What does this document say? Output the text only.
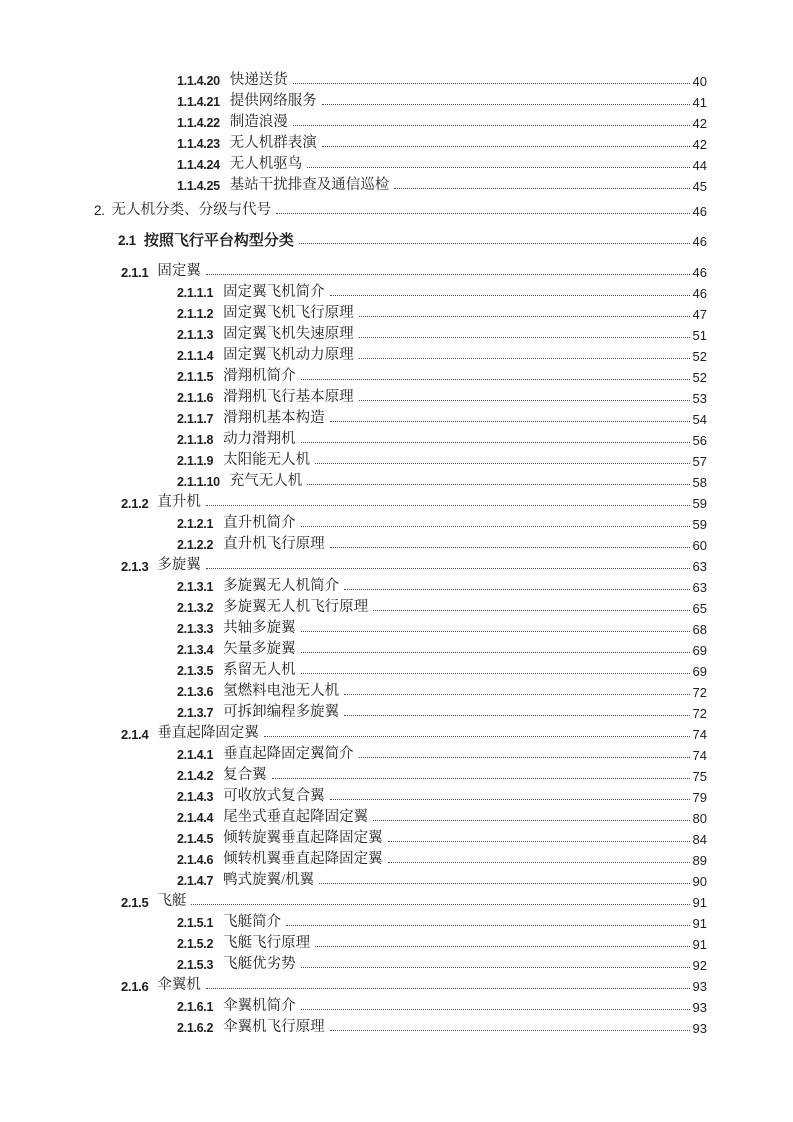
1.1.4.20 快递送货	40
1.1.4.21 提供网络服务	41
1.1.4.22 制造浪漫	42
1.1.4.23 无人机群表演	42
1.1.4.24 无人机驱鸟	44
1.1.4.25 基站干扰排查及通信巡检	45
2. 无人机分类、分级与代号	46
2.1 按照飞行平台构型分类	46
2.1.1 固定翼	46
2.1.1.1 固定翼飞机简介	46
2.1.1.2 固定翼飞机飞行原理	47
2.1.1.3 固定翼飞机失速原理	51
2.1.1.4 固定翼飞机动力原理	52
2.1.1.5 滑翔机简介	52
2.1.1.6 滑翔机飞行基本原理	53
2.1.1.7 滑翔机基本构造	54
2.1.1.8 动力滑翔机	56
2.1.1.9 太阳能无人机	57
2.1.1.10 充气无人机	58
2.1.2 直升机	59
2.1.2.1 直升机简介	59
2.1.2.2 直升机飞行原理	60
2.1.3 多旋翼	63
2.1.3.1 多旋翼无人机简介	63
2.1.3.2 多旋翼无人机飞行原理	65
2.1.3.3 共轴多旋翼	68
2.1.3.4 矢量多旋翼	69
2.1.3.5 系留无人机	69
2.1.3.6 氢燃料电池无人机	72
2.1.3.7 可拆卸编程多旋翼	72
2.1.4 垂直起降固定翼	74
2.1.4.1 垂直起降固定翼简介	74
2.1.4.2 复合翼	75
2.1.4.3 可收放式复合翼	79
2.1.4.4 尾坐式垂直起降固定翼	80
2.1.4.5 倾转旋翼垂直起降固定翼	84
2.1.4.6 倾转机翼垂直起降固定翼	89
2.1.4.7 鸭式旋翼/机翼	90
2.1.5 飞艇	91
2.1.5.1 飞艇简介	91
2.1.5.2 飞艇飞行原理	91
2.1.5.3 飞艇优劣势	92
2.1.6 伞翼机	93
2.1.6.1 伞翼机简介	93
2.1.6.2 伞翼机飞行原理	93
